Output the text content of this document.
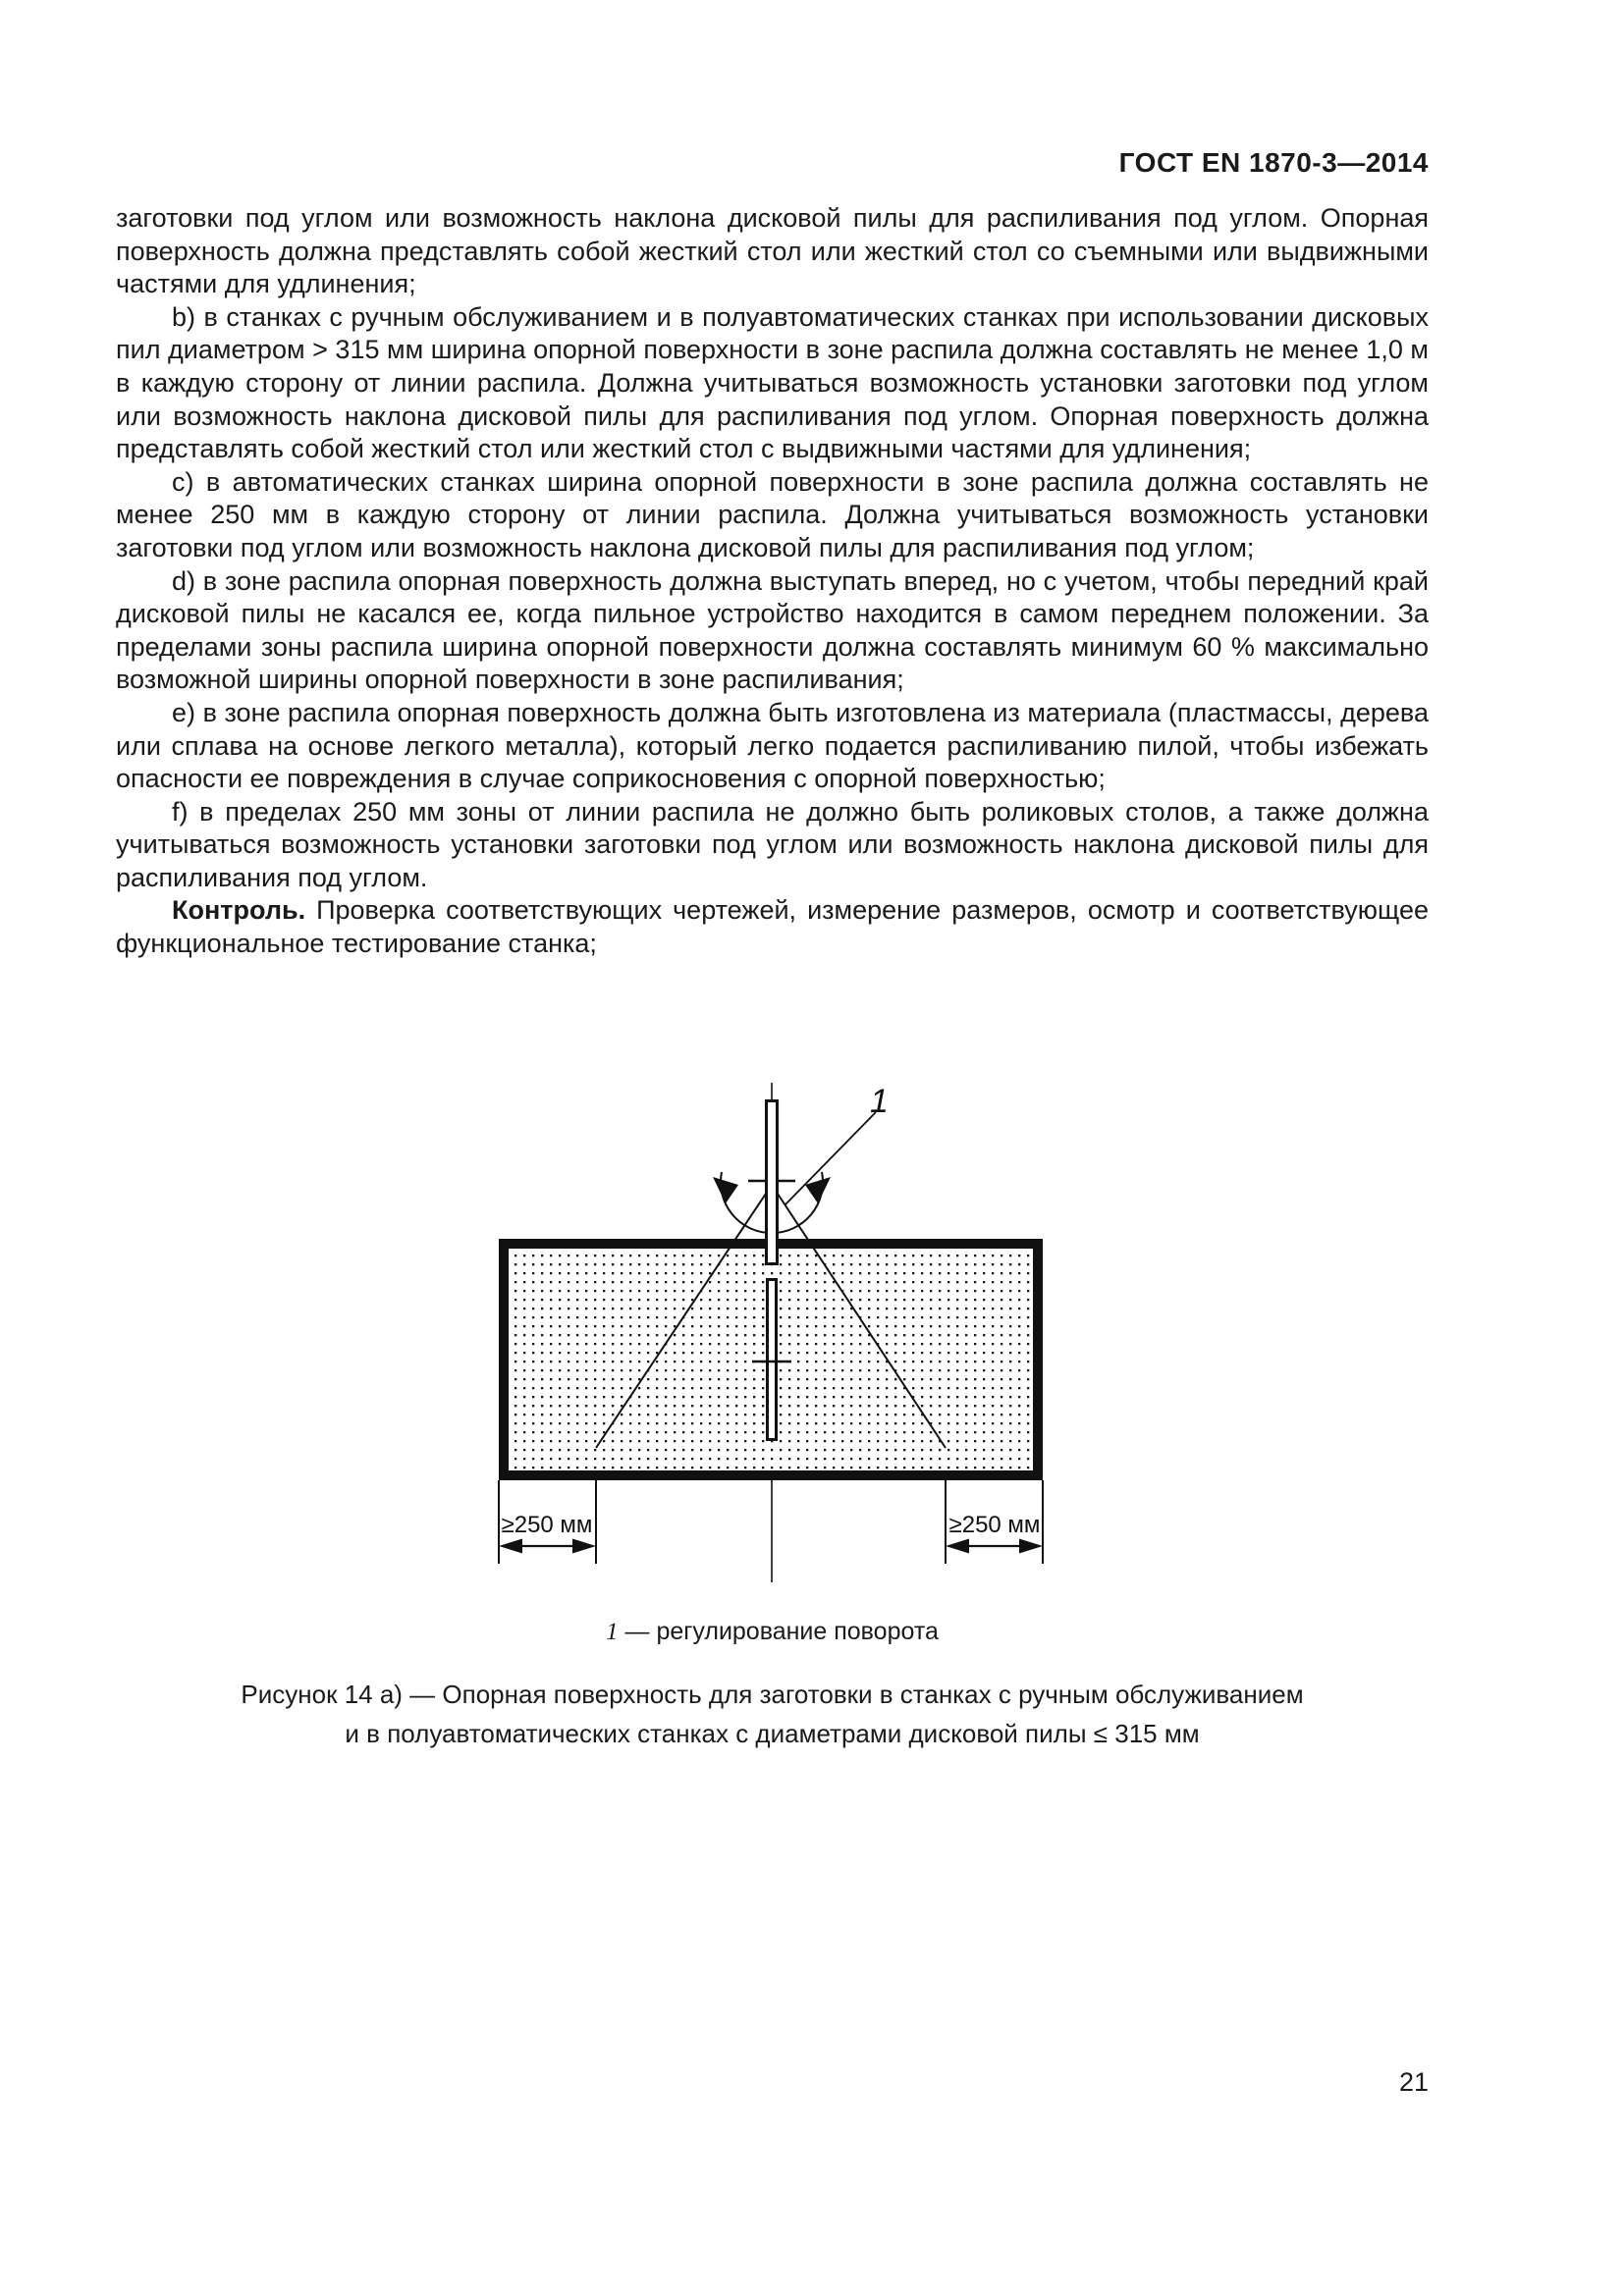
ГОСТ EN 1870-3—2014

заготовки под углом или возможность наклона дисковой пилы для распиливания под углом. Опорная поверхность должна представлять собой жесткий стол или жесткий стол со съемными или выдвижными частями для удлинения;

b) в станках с ручным обслуживанием и в полуавтоматических станках при использовании дисковых пил диаметром > 315 мм ширина опорной поверхности в зоне распила должна составлять не менее 1,0 м в каждую сторону от линии распила. Должна учитываться возможность установки заготовки под углом или возможность наклона дисковой пилы для распиливания под углом. Опорная поверхность должна представлять собой жесткий стол или жесткий стол с выдвижными частями для удлинения;

c) в автоматических станках ширина опорной поверхности в зоне распила должна составлять не менее 250 мм в каждую сторону от линии распила. Должна учитываться возможность установки заготовки под углом или возможность наклона дисковой пилы для распиливания под углом;

d) в зоне распила опорная поверхность должна выступать вперед, но с учетом, чтобы передний край дисковой пилы не касался ее, когда пильное устройство находится в самом переднем положении. За пределами зоны распила ширина опорной поверхности должна составлять минимум 60 % максимально возможной ширины опорной поверхности в зоне распиливания;

e) в зоне распила опорная поверхность должна быть изготовлена из материала (пластмассы, дерева или сплава на основе легкого металла), который легко подается распиливанию пилой, чтобы избежать опасности ее повреждения в случае соприкосновения с опорной поверхностью;

f) в пределах 250 мм зоны от линии распила не должно быть роликовых столов, а также должна учитываться возможность установки заготовки под углом или возможность наклона дисковой пилы для распиливания под углом.

Контроль. Проверка соответствующих чертежей, измерение размеров, осмотр и соответствующее функциональное тестирование станка;

1
≥250 мм	≥250 мм
1 — регулирование поворота
Рисунок 14 а) — Опорная поверхность для заготовки в станках с ручным обслуживанием
и в полуавтоматических станках с диаметрами дисковой пилы ≤ 315 мм
21
